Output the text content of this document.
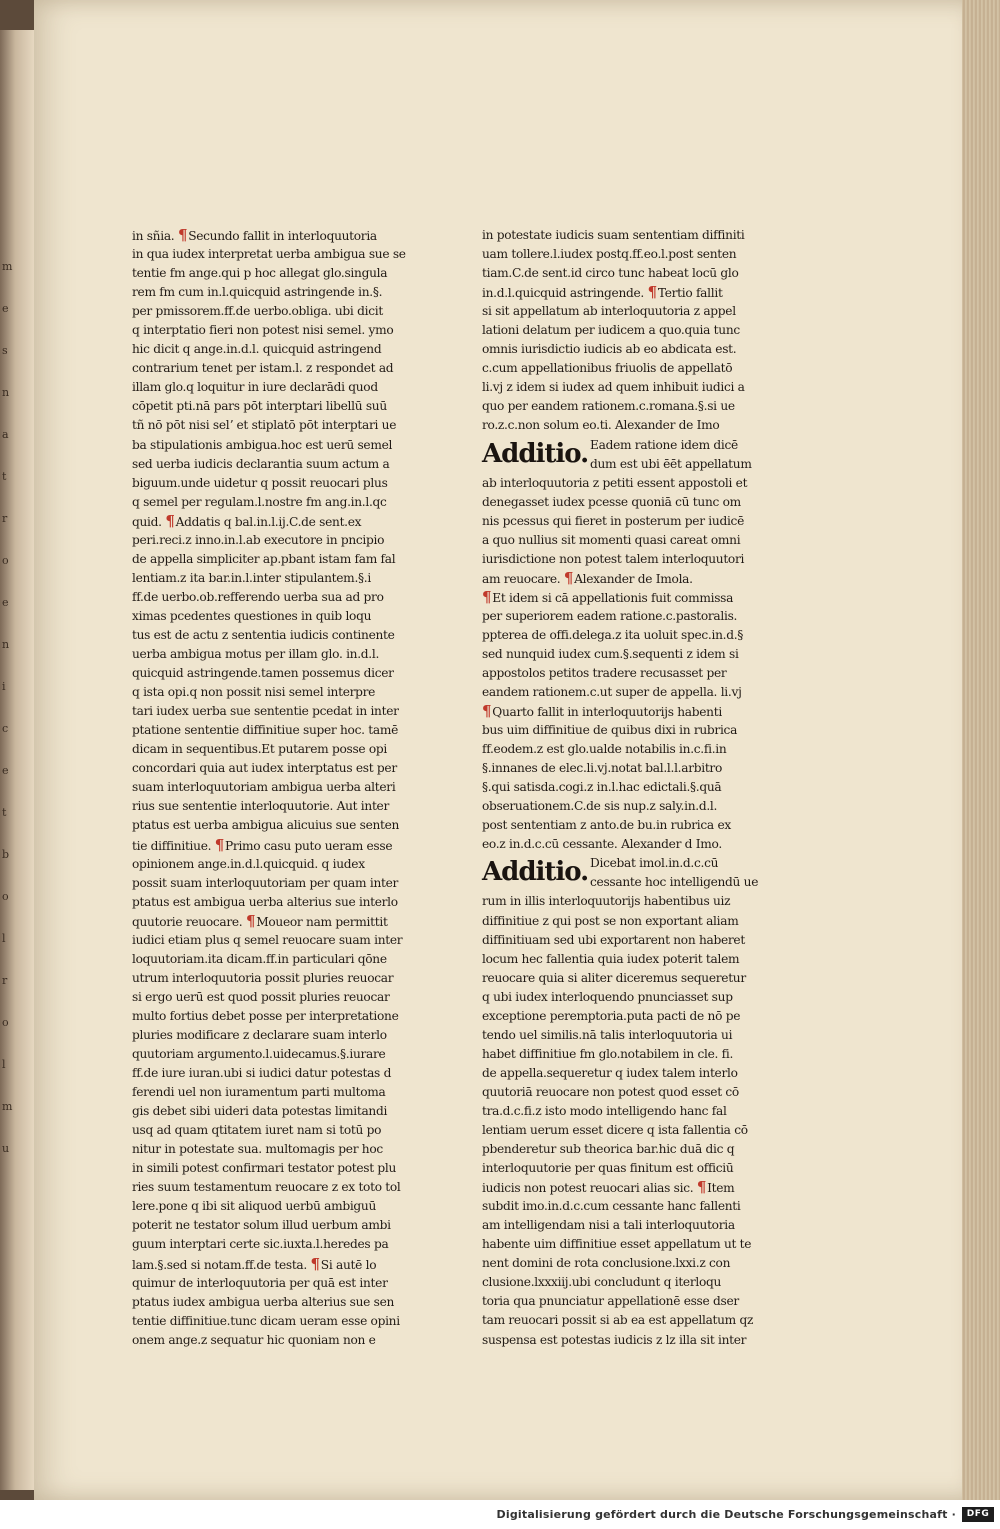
m
e
s
n
a
t
r
o
e
n
i
c
e
t
b
o
l
r
o
l
m
u
in sñia. ¶Secundo fallit in interloquutoria
in qua iudex interpretat uerba ambigua sue se
tentie fm ange.qui p hoc allegat glo.singula
rem fm cum in.l.quicquid astringende in.§.
per pmissorem.ff.de uerbo.obliga. ubi dicit
q interptatio fieri non potest nisi semel. ymo
hic dicit q ange.in.d.l. quicquid astringend
contrarium tenet per istam.l. z respondet ad
illam glo.q loquitur in iure declarādi quod
cōpetit pti.nā pars pōt interptari libellū suū
tñ nō pōt nisi selʼ et stiplatō pōt interptari ue
ba stipulationis ambigua.hoc est uerū semel
sed uerba iudicis declarantia suum actum a
biguum.unde uidetur q possit reuocari plus
q semel per regulam.l.nostre fm ang.in.l.qc
quid. ¶Addatis q bal.in.l.ij.C.de sent.ex
peri.reci.z inno.in.l.ab executore in pncipio
de appella simpliciter ap.pbant istam fam fal
lentiam.z ita bar.in.l.inter stipulantem.§.i
ff.de uerbo.ob.refferendo uerba sua ad pro
ximas pcedentes questiones in quib loqu
tus est de actu z sententia iudicis continente
uerba ambigua motus per illam glo. in.d.l.
quicquid astringende.tamen possemus dicer
q ista opi.q non possit nisi semel interpre
tari iudex uerba sue sententie pcedat in inter
ptatione sententie diffinitiue super hoc. tamē
dicam in sequentibus.Et putarem posse opi
concordari quia aut iudex interptatus est per
suam interloquutoriam ambigua uerba alteri
rius sue sententie interloquutorie. Aut inter
ptatus est uerba ambigua alicuius sue senten
tie diffinitiue. ¶Primo casu puto ueram esse
opinionem ange.in.d.l.quicquid. q iudex
possit suam interloquutoriam per quam inter
ptatus est ambigua uerba alterius sue interlo
quutorie reuocare. ¶Moueor nam permittit
iudici etiam plus q semel reuocare suam inter
loquutoriam.ita dicam.ff.in particulari qōne
utrum interloquutoria possit pluries reuocar
si ergo uerū est quod possit pluries reuocar
multo fortius debet posse per interpretatione
pluries modificare z declarare suam interlo
quutoriam argumento.l.uidecamus.§.iurare
ff.de iure iuran.ubi si iudici datur potestas d
ferendi uel non iuramentum parti multoma
gis debet sibi uideri data potestas limitandi
usq ad quam qtitatem iuret nam si totū po
nitur in potestate sua. multomagis per hoc
in simili potest confirmari testator potest plu
ries suum testamentum reuocare z ex toto tol
lere.pone q ibi sit aliquod uerbū ambiguū
poterit ne testator solum illud uerbum ambi
guum interptari certe sic.iuxta.l.heredes pa
lam.§.sed si notam.ff.de testa. ¶Si autē lo
quimur de interloquutoria per quā est inter
ptatus iudex ambigua uerba alterius sue sen
tentie diffinitiue.tunc dicam ueram esse opini
onem ange.z sequatur hic quoniam non e
in potestate iudicis suam sententiam diffiniti
uam tollere.l.iudex postq.ff.eo.l.post senten
tiam.C.de sent.id circo tunc habeat locū glo
in.d.l.quicquid astringende. ¶Tertio fallit
si sit appellatum ab interloquutoria z appel
lationi delatum per iudicem a quo.quia tunc
omnis iurisdictio iudicis ab eo abdicata est.
c.cum appellationibus friuolis de appellatō
li.vj z idem si iudex ad quem inhibuit iudici a
quo per eandem rationem.c.romana.§.si ue
ro.z.c.non solum eo.ti. Alexander de Imo
Additio. Eadem ratione idem dicē
dum est ubi ēēt appellatum
ab interloquutoria z petiti essent appostoli et
denegasset iudex pcesse quoniā cū tunc om
nis pcessus qui fieret in posterum per iudicē
a quo nullius sit momenti quasi careat omni
iurisdictione non potest talem interloquutori
am reuocare. ¶Alexander de Imola.
¶Et idem si cā appellationis fuit commissa
per superiorem eadem ratione.c.pastoralis.
ppterea de offi.delega.z ita uoluit spec.in.d.§
sed nunquid iudex cum.§.sequenti z idem si
appostolos petitos tradere recusasset per
eandem rationem.c.ut super de appella. li.vj
¶Quarto fallit in interloquutorijs habenti
bus uim diffinitiue de quibus dixi in rubrica
ff.eodem.z est glo.ualde notabilis in.c.fi.in
§.innanes de elec.li.vj.notat bal.l.l.arbitro
§.qui satisda.cogi.z in.l.hac edictali.§.quā
obseruationem.C.de sis nup.z saly.in.d.l.
post sententiam z anto.de bu.in rubrica ex
eo.z in.d.c.cū cessante. Alexander d Imo.
Additio. Dicebat imol.in.d.c.cū
cessante hoc intelligendū ue
rum in illis interloquutorijs habentibus uiz
diffinitiue z qui post se non exportant aliam
diffinitiuam sed ubi exportarent non haberet
locum hec fallentia quia iudex poterit talem
reuocare quia si aliter diceremus sequeretur
q ubi iudex interloquendo pnunciasset sup
exceptione peremptoria.puta pacti de nō pe
tendo uel similis.nā talis interloquutoria ui
habet diffinitiue fm glo.notabilem in cle. fi.
de appella.sequeretur q iudex talem interlo
quutoriā reuocare non potest quod esset cō
tra.d.c.fi.z isto modo intelligendo hanc fal
lentiam uerum esset dicere q ista fallentia cō
pbenderetur sub theorica bar.hic duā dic q
interloquutorie per quas finitum est officiū
iudicis non potest reuocari alias sic. ¶Item
subdit imo.in.d.c.cum cessante hanc fallenti
am intelligendam nisi a tali interloquutoria
habente uim diffinitiue esset appellatum ut te
nent domini de rota conclusione.lxxi.z con
clusione.lxxxiij.ubi concludunt q iterloqu
toria qua pnunciatur appellationē esse dser
tam reuocari possit si ab ea est appellatum qz
suspensa est potestas iudicis z lz illa sit inter
Digitalisierung gefördert durch die Deutsche Forschungsgemeinschaft ·	DFG
